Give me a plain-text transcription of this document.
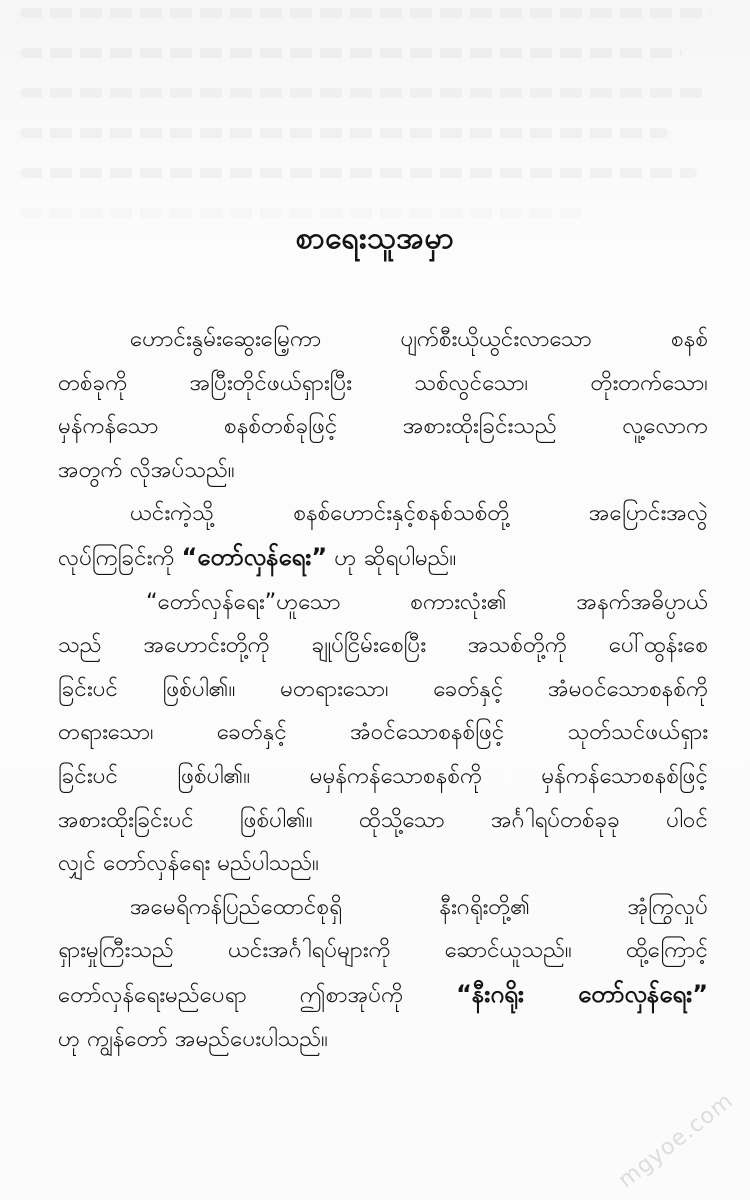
စာရေးသူအမှာ

ဟောင်းနွမ်းဆွေးမြေ့ကာ ပျက်စီးယိုယွင်းလာသော စနစ်
တစ်ခုကို အပြီးတိုင်ဖယ်ရှားပြီး သစ်လွင်သော၊ တိုးတက်သော၊
မှန်ကန်သော စနစ်တစ်ခုဖြင့် အစားထိုးခြင်းသည် လူ့လောက
အတွက် လိုအပ်သည်။

ယင်းကဲ့သို့ စနစ်ဟောင်းနှင့်စနစ်သစ်တို့ အပြောင်းအလွဲ
လုပ်ကြခြင်းကို “တော်လှန်ရေး” ဟု ဆိုရပါမည်။

“တော်လှန်ရေး”ဟူသော စကားလုံး၏ အနက်အဓိပ္ပာယ်
သည် အဟောင်းတို့ကို ချုပ်ငြိမ်းစေပြီး အသစ်တို့ကို ပေါ်ထွန်းစေ
ခြင်းပင် ဖြစ်ပါ၏။ မတရားသော၊ ခေတ်နှင့် အံမဝင်သောစနစ်ကို
တရားသော၊ ခေတ်နှင့် အံဝင်သောစနစ်ဖြင့် သုတ်သင်ဖယ်ရှား
ခြင်းပင် ဖြစ်ပါ၏။ မမှန်ကန်သောစနစ်ကို မှန်ကန်သောစနစ်ဖြင့်
အစားထိုးခြင်းပင် ဖြစ်ပါ၏။ ထိုသို့သော အင်္ဂါရပ်တစ်ခုခု ပါဝင်
လျှင် တော်လှန်ရေး မည်ပါသည်။

အမေရိကန်ပြည်ထောင်စုရှိ နီးဂရိုးတို့၏ အုံကြွလှုပ်
ရှားမှုကြီးသည် ယင်းအင်္ဂါရပ်များကို ဆောင်ယူသည်။ ထို့ကြောင့်
တော်လှန်ရေးမည်ပေရာ ဤစာအုပ်ကို “နီးဂရိုး တော်လှန်ရေး”
ဟု ကျွန်တော် အမည်ပေးပါသည်။

mgyoe.com
